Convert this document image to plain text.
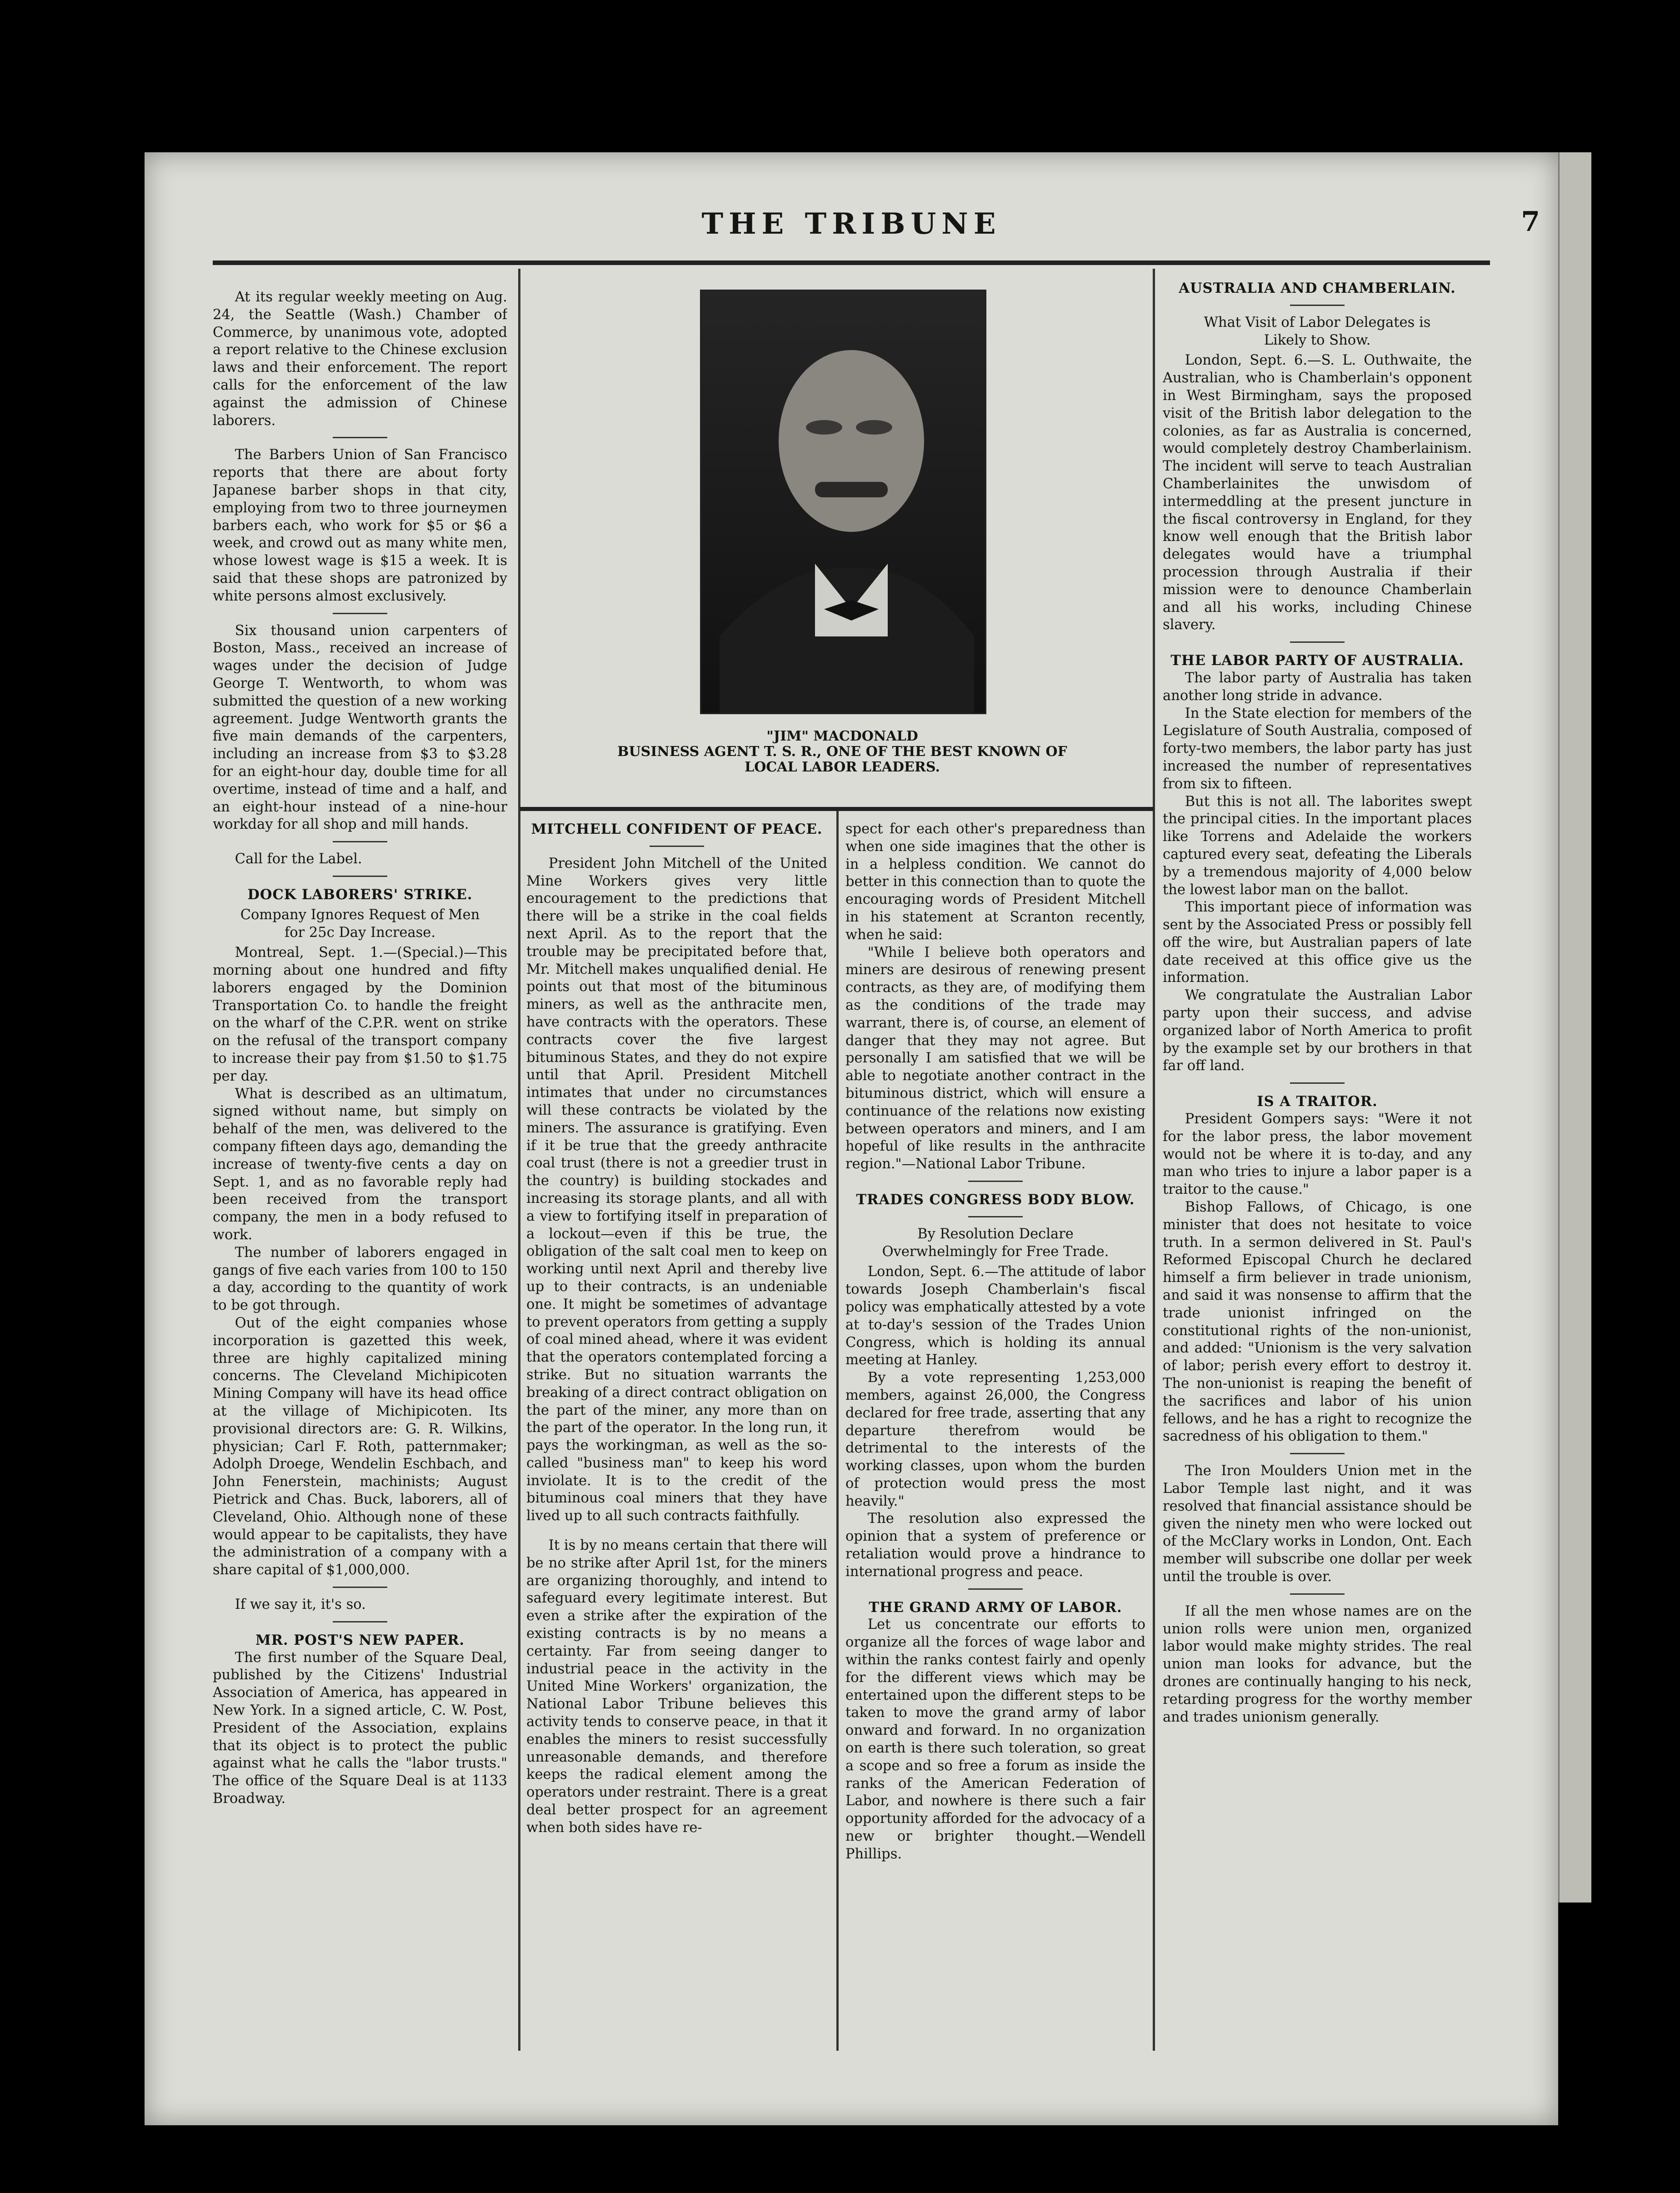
THE TRIBUNE	7

At its regular weekly meeting on Aug. 24, the Seattle (Wash.) Chamber of Commerce, by unanimous vote, adopted a report relative to the Chinese exclusion laws and their enforcement. The report calls for the enforcement of the law against the admission of Chinese laborers.

The Barbers Union of San Francisco reports that there are about forty Japanese barber shops in that city, employing from two to three journeymen barbers each, who work for $5 or $6 a week, and crowd out as many white men, whose lowest wage is $15 a week. It is said that these shops are patronized by white persons almost exclusively.

Six thousand union carpenters of Boston, Mass., received an increase of wages under the decision of Judge George T. Wentworth, to whom was submitted the question of a new working agreement. Judge Wentworth grants the five main demands of the carpenters, including an increase from $3 to $3.28 for an eight-hour day, double time for all overtime, instead of time and a half, and an eight-hour instead of a nine-hour workday for all shop and mill hands.

Call for the Label.

DOCK LABORERS' STRIKE.
Company Ignores Request of Men for 25c Day Increase.

Montreal, Sept. 1.—(Special.)—This morning about one hundred and fifty laborers engaged by the Dominion Transportation Co. to handle the freight on the wharf of the C.P.R. went on strike on the refusal of the transport company to increase their pay from $1.50 to $1.75 per day.

What is described as an ultimatum, signed without name, but simply on behalf of the men, was delivered to the company fifteen days ago, demanding the increase of twenty-five cents a day on Sept. 1, and as no favorable reply had been received from the transport company, the men in a body refused to work.

The number of laborers engaged in gangs of five each varies from 100 to 150 a day, according to the quantity of work to be got through.

Out of the eight companies whose incorporation is gazetted this week, three are highly capitalized mining concerns. The Cleveland Michipicoten Mining Company will have its head office at the village of Michipicoten. Its provisional directors are: G. R. Wilkins, physician; Carl F. Roth, patternmaker; Adolph Droege, Wendelin Eschbach, and John Fenerstein, machinists; August Pietrick and Chas. Buck, laborers, all of Cleveland, Ohio. Although none of these would appear to be capitalists, they have the administration of a company with a share capital of $1,000,000.

If we say it, it's so.

MR. POST'S NEW PAPER.

The first number of the Square Deal, published by the Citizens' Industrial Association of America, has appeared in New York. In a signed article, C. W. Post, President of the Association, explains that its object is to protect the public against what he calls the "labor trusts." The office of the Square Deal is at 1133 Broadway.

"JIM" MACDONALD
BUSINESS AGENT T. S. R., ONE OF THE BEST KNOWN OF LOCAL LABOR LEADERS.
MITCHELL CONFIDENT OF PEACE.

President John Mitchell of the United Mine Workers gives very little encouragement to the predictions that there will be a strike in the coal fields next April. As to the report that the trouble may be precipitated before that, Mr. Mitchell makes unqualified denial. He points out that most of the bituminous miners, as well as the anthracite men, have contracts with the operators. These contracts cover the five largest bituminous States, and they do not expire until that April. President Mitchell intimates that under no circumstances will these contracts be violated by the miners. The assurance is gratifying. Even if it be true that the greedy anthracite coal trust (there is not a greedier trust in the country) is building stockades and increasing its storage plants, and all with a view to fortifying itself in preparation of a lockout—even if this be true, the obligation of the salt coal men to keep on working until next April and thereby live up to their contracts, is an undeniable one. It might be sometimes of advantage to prevent operators from getting a supply of coal mined ahead, where it was evident that the operators contemplated forcing a strike. But no situation warrants the breaking of a direct contract obligation on the part of the miner, any more than on the part of the operator. In the long run, it pays the workingman, as well as the so-called "business man" to keep his word inviolate. It is to the credit of the bituminous coal miners that they have lived up to all such contracts faithfully.

It is by no means certain that there will be no strike after April 1st, for the miners are organizing thoroughly, and intend to safeguard every legitimate interest. But even a strike after the expiration of the existing contracts is by no means a certainty. Far from seeing danger to industrial peace in the activity in the United Mine Workers' organization, the National Labor Tribune believes this activity tends to conserve peace, in that it enables the miners to resist successfully unreasonable demands, and therefore keeps the radical element among the operators under restraint. There is a great deal better prospect for an agreement when both sides have re-

spect for each other's preparedness than when one side imagines that the other is in a helpless condition. We cannot do better in this connection than to quote the encouraging words of President Mitchell in his statement at Scranton recently, when he said:

"While I believe both operators and miners are desirous of renewing present contracts, as they are, of modifying them as the conditions of the trade may warrant, there is, of course, an element of danger that they may not agree. But personally I am satisfied that we will be able to negotiate another contract in the bituminous district, which will ensure a continuance of the relations now existing between operators and miners, and I am hopeful of like results in the anthracite region."—National Labor Tribune.

TRADES CONGRESS BODY BLOW.
By Resolution Declare Overwhelmingly for Free Trade.

London, Sept. 6.—The attitude of labor towards Joseph Chamberlain's fiscal policy was emphatically attested by a vote at to-day's session of the Trades Union Congress, which is holding its annual meeting at Hanley.

By a vote representing 1,253,000 members, against 26,000, the Congress declared for free trade, asserting that any departure therefrom would be detrimental to the interests of the working classes, upon whom the burden of protection would press the most heavily."

The resolution also expressed the opinion that a system of preference or retaliation would prove a hindrance to international progress and peace.

THE GRAND ARMY OF LABOR.

Let us concentrate our efforts to organize all the forces of wage labor and within the ranks contest fairly and openly for the different views which may be entertained upon the different steps to be taken to move the grand army of labor onward and forward. In no organization on earth is there such toleration, so great a scope and so free a forum as inside the ranks of the American Federation of Labor, and nowhere is there such a fair opportunity afforded for the advocacy of a new or brighter thought.—Wendell Phillips.

AUSTRALIA AND CHAMBERLAIN.
What Visit of Labor Delegates is Likely to Show.

London, Sept. 6.—S. L. Outhwaite, the Australian, who is Chamberlain's opponent in West Birmingham, says the proposed visit of the British labor delegation to the colonies, as far as Australia is concerned, would completely destroy Chamberlainism. The incident will serve to teach Australian Chamberlainites the unwisdom of intermeddling at the present juncture in the fiscal controversy in England, for they know well enough that the British labor delegates would have a triumphal procession through Australia if their mission were to denounce Chamberlain and all his works, including Chinese slavery.

THE LABOR PARTY OF AUSTRALIA.

The labor party of Australia has taken another long stride in advance.

In the State election for members of the Legislature of South Australia, composed of forty-two members, the labor party has just increased the number of representatives from six to fifteen.

But this is not all. The laborites swept the principal cities. In the important places like Torrens and Adelaide the workers captured every seat, defeating the Liberals by a tremendous majority of 4,000 below the lowest labor man on the ballot.

This important piece of information was sent by the Associated Press or possibly fell off the wire, but Australian papers of late date received at this office give us the information.

We congratulate the Australian Labor party upon their success, and advise organized labor of North America to profit by the example set by our brothers in that far off land.

IS A TRAITOR.

President Gompers says: "Were it not for the labor press, the labor movement would not be where it is to-day, and any man who tries to injure a labor paper is a traitor to the cause."

Bishop Fallows, of Chicago, is one minister that does not hesitate to voice truth. In a sermon delivered in St. Paul's Reformed Episcopal Church he declared himself a firm believer in trade unionism, and said it was nonsense to affirm that the trade unionist infringed on the constitutional rights of the non-unionist, and added: "Unionism is the very salvation of labor; perish every effort to destroy it. The non-unionist is reaping the benefit of the sacrifices and labor of his union fellows, and he has a right to recognize the sacredness of his obligation to them."

The Iron Moulders Union met in the Labor Temple last night, and it was resolved that financial assistance should be given the ninety men who were locked out of the McClary works in London, Ont. Each member will subscribe one dollar per week until the trouble is over.

If all the men whose names are on the union rolls were union men, organized labor would make mighty strides. The real union man looks for advance, but the drones are continually hanging to his neck, retarding progress for the worthy member and trades unionism generally.
